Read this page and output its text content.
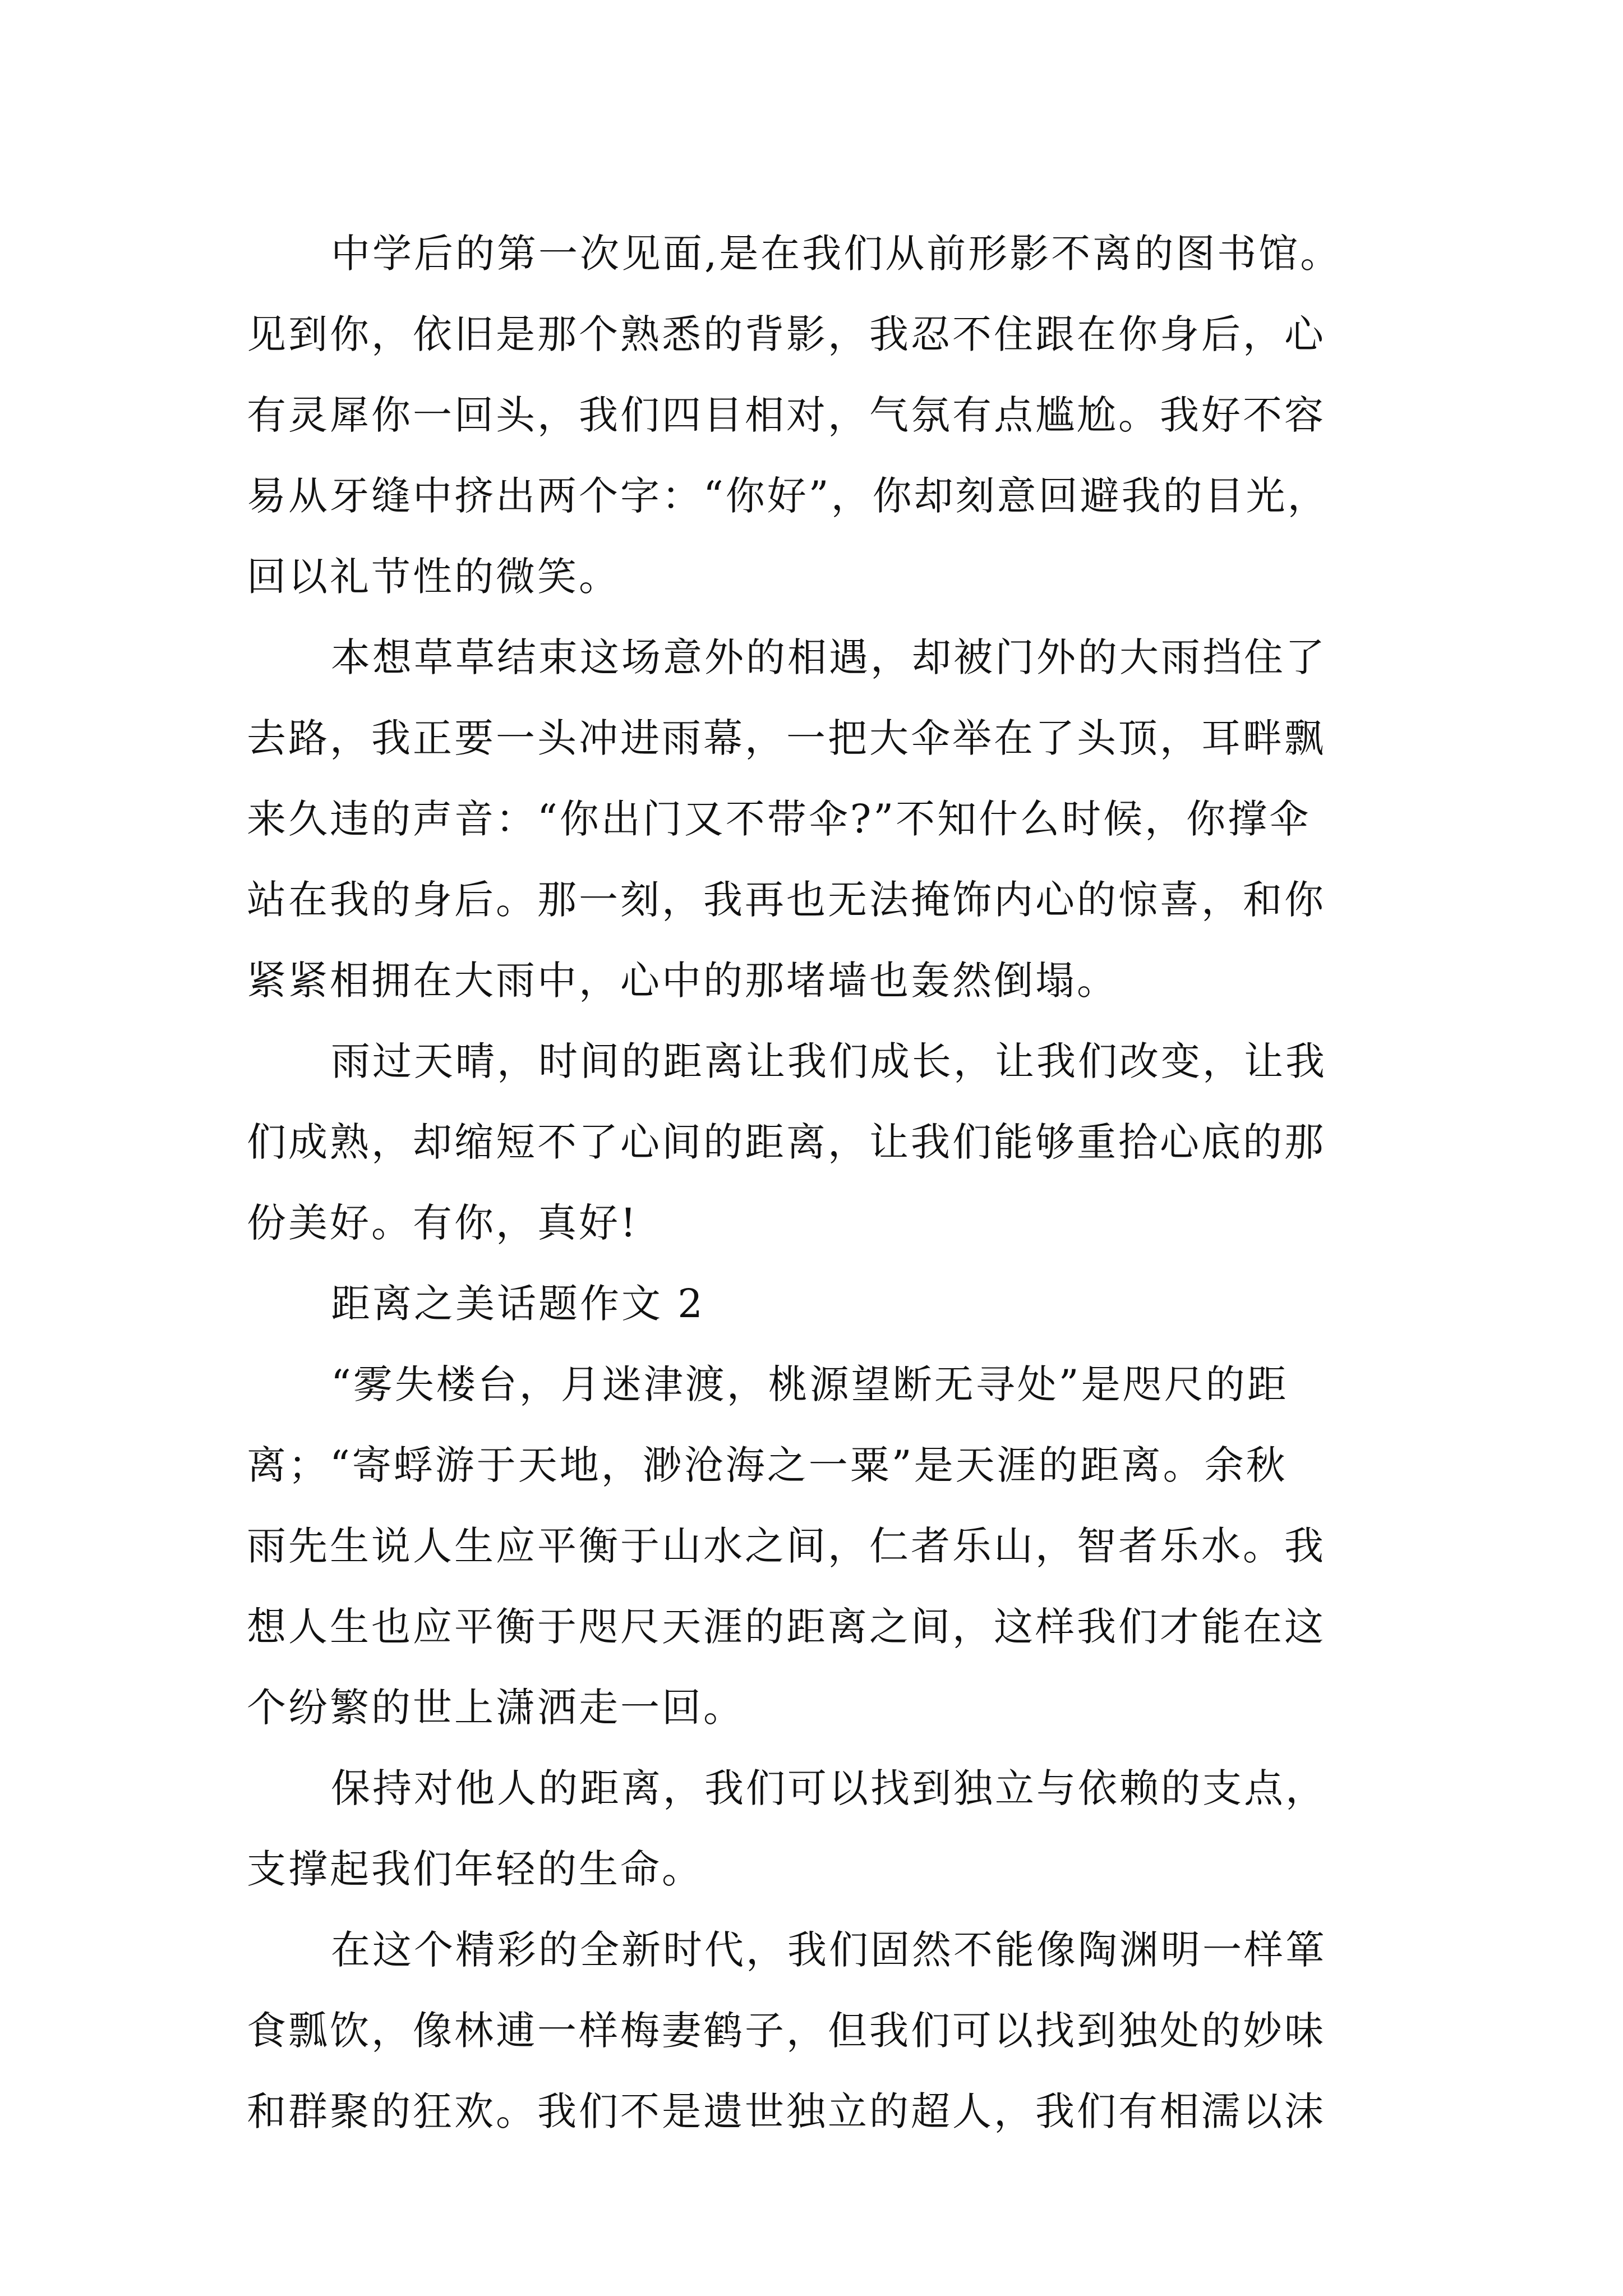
中学后的第一次见面,是在我们从前形影不离的图书馆。
见到你，依旧是那个熟悉的背影，我忍不住跟在你身后，心
有灵犀你一回头，我们四目相对，气氛有点尴尬。我好不容
易从牙缝中挤出两个字：“你好”，你却刻意回避我的目光，
回以礼节性的微笑。
本想草草结束这场意外的相遇，却被门外的大雨挡住了
去路，我正要一头冲进雨幕，一把大伞举在了头顶，耳畔飘
来久违的声音：“你出门又不带伞?”不知什么时候，你撑伞
站在我的身后。那一刻，我再也无法掩饰内心的惊喜，和你
紧紧相拥在大雨中，心中的那堵墙也轰然倒塌。
雨过天晴，时间的距离让我们成长，让我们改变，让我
们成熟，却缩短不了心间的距离，让我们能够重拾心底的那
份美好。有你，真好!
距离之美话题作文 2
“雾失楼台，月迷津渡，桃源望断无寻处”是咫尺的距
离；“寄蜉游于天地，渺沧海之一粟”是天涯的距离。余秋
雨先生说人生应平衡于山水之间，仁者乐山，智者乐水。我
想人生也应平衡于咫尺天涯的距离之间，这样我们才能在这
个纷繁的世上潇洒走一回。
保持对他人的距离，我们可以找到独立与依赖的支点，
支撑起我们年轻的生命。
在这个精彩的全新时代，我们固然不能像陶渊明一样箪
食瓢饮，像林逋一样梅妻鹤子，但我们可以找到独处的妙味
和群聚的狂欢。我们不是遗世独立的超人，我们有相濡以沫
